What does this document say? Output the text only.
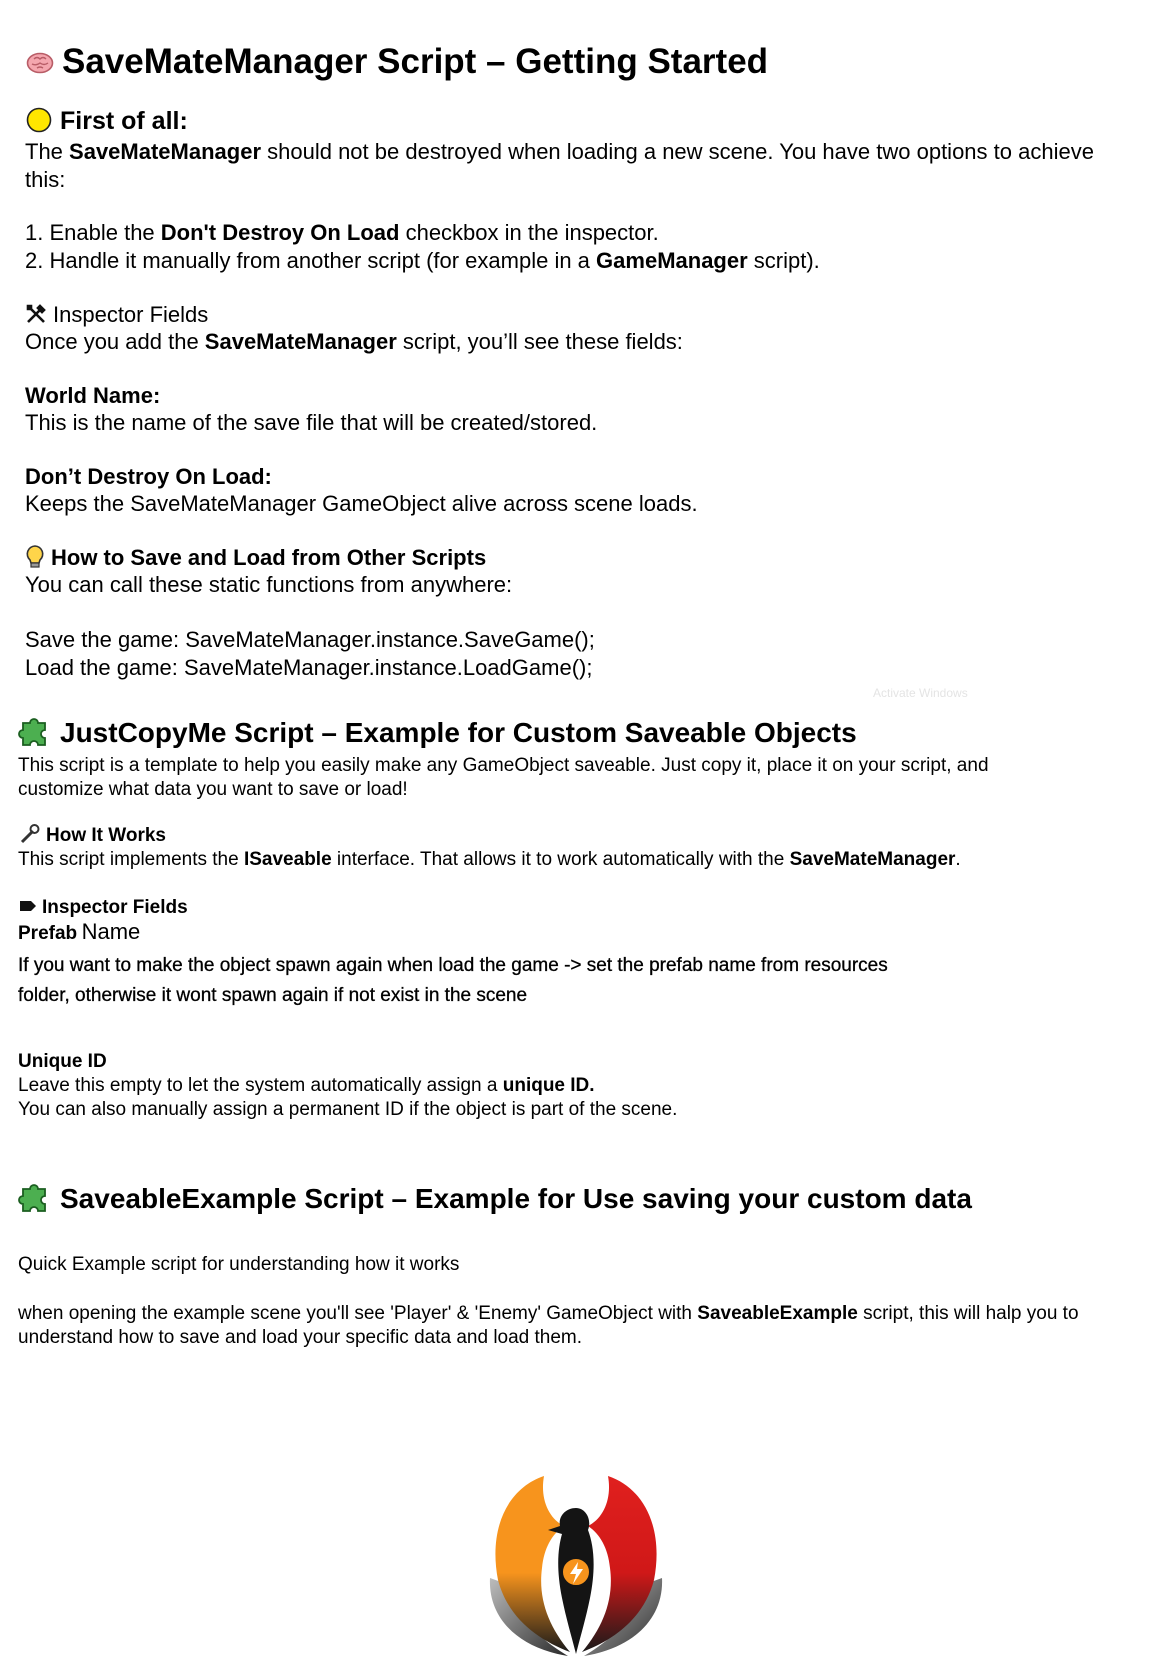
SaveMateManager Script – Getting Started
First of all:
The SaveMateManager should not be destroyed when loading a new scene. You have two options to achieve this:
1. Enable the Don't Destroy On Load checkbox in the inspector.
2. Handle it manually from another script (for example in a GameManager script).
Inspector Fields
Once you add the SaveMateManager script, you’ll see these fields:
World Name:
This is the name of the save file that will be created/stored.
Don’t Destroy On Load:
Keeps the SaveMateManager GameObject alive across scene loads.
How to Save and Load from Other Scripts
You can call these static functions from anywhere:
Save the game: SaveMateManager.instance.SaveGame();
Load the game: SaveMateManager.instance.LoadGame();
Activate Windows
JustCopyMe Script – Example for Custom Saveable Objects
This script is a template to help you easily make any GameObject saveable. Just copy it, place it on your script, and customize what data you want to save or load!
How It Works
This script implements the ISaveable interface. That allows it to work automatically with the SaveMateManager.
Inspector Fields
Prefab Name
If you want to make the object spawn again when load the game -> set the prefab name from resources
folder, otherwise it wont spawn again if not exist in the scene
Unique ID
Leave this empty to let the system automatically assign a unique ID.
You can also manually assign a permanent ID if the object is part of the scene.
SaveableExample Script – Example for Use saving your custom data
Quick Example script for understanding how it works
when opening the example scene you'll see 'Player' & 'Enemy' GameObject with SaveableExample script, this will halp you to understand how to save and load your specific data and load them.
